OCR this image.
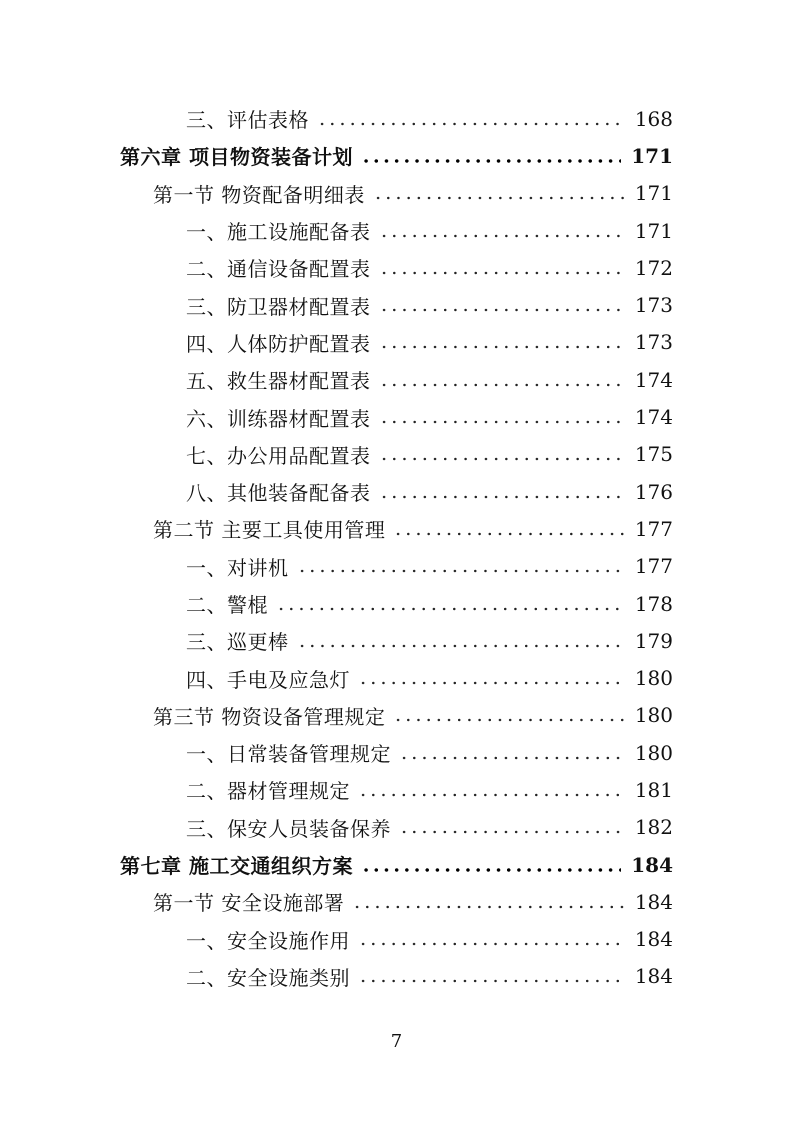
三、评估表格	168
第六章 项目物资装备计划	171
第一节 物资配备明细表	171
一、施工设施配备表	171
二、通信设备配置表	172
三、防卫器材配置表	173
四、人体防护配置表	173
五、救生器材配置表	174
六、训练器材配置表	174
七、办公用品配置表	175
八、其他装备配备表	176
第二节 主要工具使用管理	177
一、对讲机	177
二、警棍	178
三、巡更棒	179
四、手电及应急灯	180
第三节 物资设备管理规定	180
一、日常装备管理规定	180
二、器材管理规定	181
三、保安人员装备保养	182
第七章 施工交通组织方案	184
第一节 安全设施部署	184
一、安全设施作用	184
二、安全设施类别	184
7
